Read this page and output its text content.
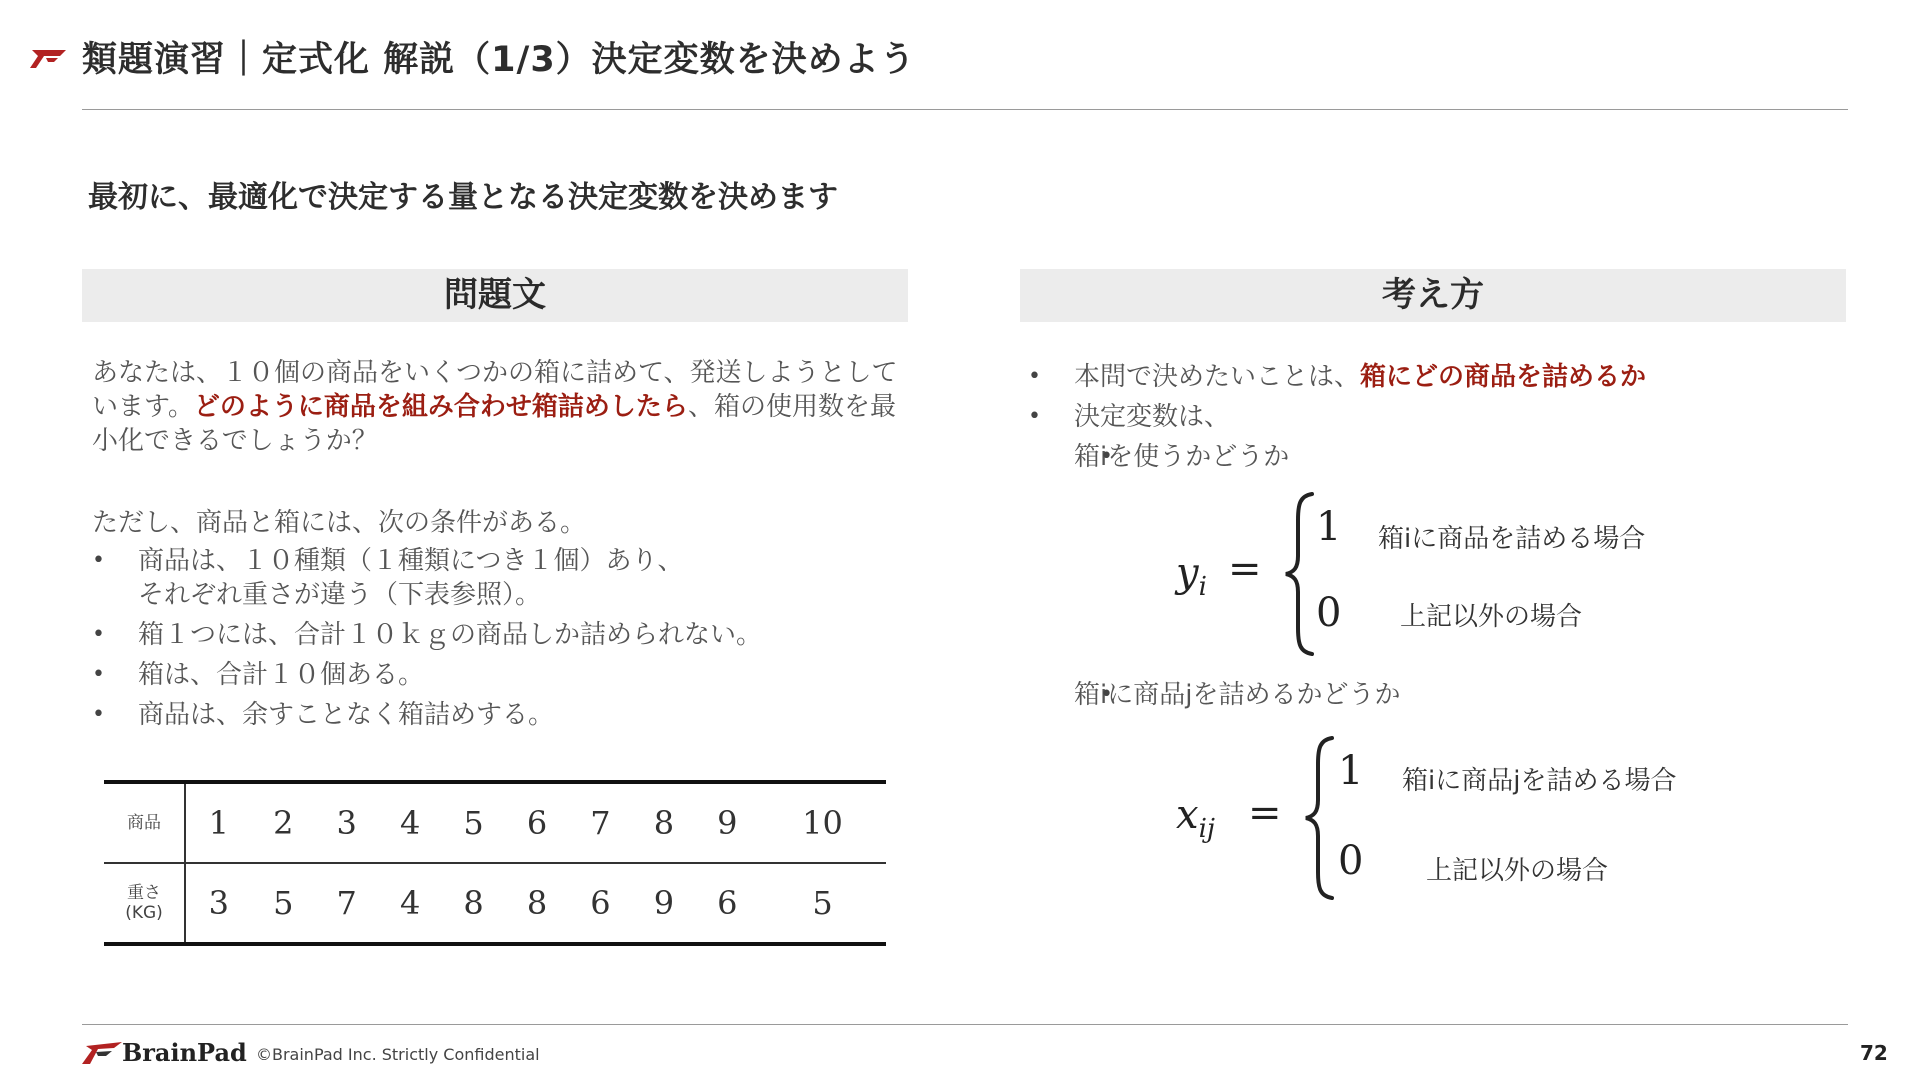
類題演習｜定式化 解説（1/3）決定変数を決めよう
最初に、最適化で決定する量となる決定変数を決めます
問題文
あなたは、１０個の商品をいくつかの箱に詰めて、発送しようとしています。どのように商品を組み合わせ箱詰めしたら、箱の使用数を最小化できるでしょうか？
ただし、商品と箱には、次の条件がある。
• 商品は、１０種類（１種類につき１個）あり、
それぞれ重さが違う（下表参照）。
• 箱１つには、合計１０ｋｇの商品しか詰められない。
• 箱は、合計１０個ある。
• 商品は、余すことなく箱詰めする。
商品	1	2	3	4	5	6	7	8	9	10

重さ
(KG)	3	5	7	4	8	8	6	9	6	5
考え方
• 本問で決めたいことは、箱にどの商品を詰めるか
• 決定変数は、
• 箱iを使うかどうか
$y_i$ =
1 箱iに商品を詰める場合
0 上記以外の場合
• 箱iに商品jを詰めるかどうか
$x_{ij}$ =
1 箱iに商品jを詰める場合
0 上記以外の場合
BrainPad ©BrainPad Inc. Strictly Confidential	72
